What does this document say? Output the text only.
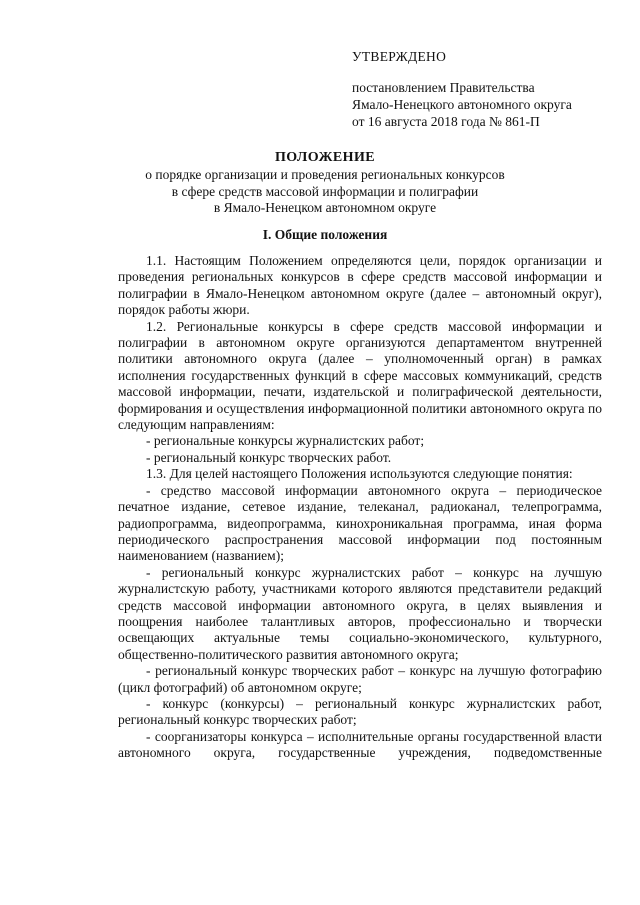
УТВЕРЖДЕНО
постановлением Правительства
Ямало-Ненецкого автономного округа
от 16 августа 2018 года № 861-П
ПОЛОЖЕНИЕ
о порядке организации и проведения региональных конкурсов
в сфере средств массовой информации и полиграфии
в Ямало-Ненецком автономном округе
I. Общие положения

1.1. Настоящим Положением определяются цели, порядок организации и проведения региональных конкурсов в сфере средств массовой информации и полиграфии в Ямало-Ненецком автономном округе (далее – автономный округ), порядок работы жюри.

1.2. Региональные конкурсы в сфере средств массовой информации и полиграфии в автономном округе организуются департаментом внутренней политики автономного округа (далее – уполномоченный орган) в рамках исполнения государственных функций в сфере массовых коммуникаций, средств массовой информации, печати, издательской и полиграфической деятельности, формирования и осуществления информационной политики автономного округа по следующим направлениям:

- региональные конкурсы журналистских работ;

- региональный конкурс творческих работ.

1.3. Для целей настоящего Положения используются следующие понятия:

- средство массовой информации автономного округа – периодическое печатное издание, сетевое издание, телеканал, радиоканал, телепрограмма, радиопрограмма, видеопрограмма, кинохроникальная программа, иная форма периодического распространения массовой информации под постоянным наименованием (названием);

- региональный конкурс журналистских работ – конкурс на лучшую журналистскую работу, участниками которого являются представители редакций средств массовой информации автономного округа, в целях выявления и поощрения наиболее талантливых авторов, профессионально и творчески освещающих актуальные темы социально-экономического, культурного, общественно-политического развития автономного округа;

- региональный конкурс творческих работ – конкурс на лучшую фотографию (цикл фотографий) об автономном округе;

- конкурс (конкурсы) – региональный конкурс журналистских работ, региональный конкурс творческих работ;

- соорганизаторы конкурса – исполнительные органы государственной власти автономного округа, государственные учреждения, подведомственные
